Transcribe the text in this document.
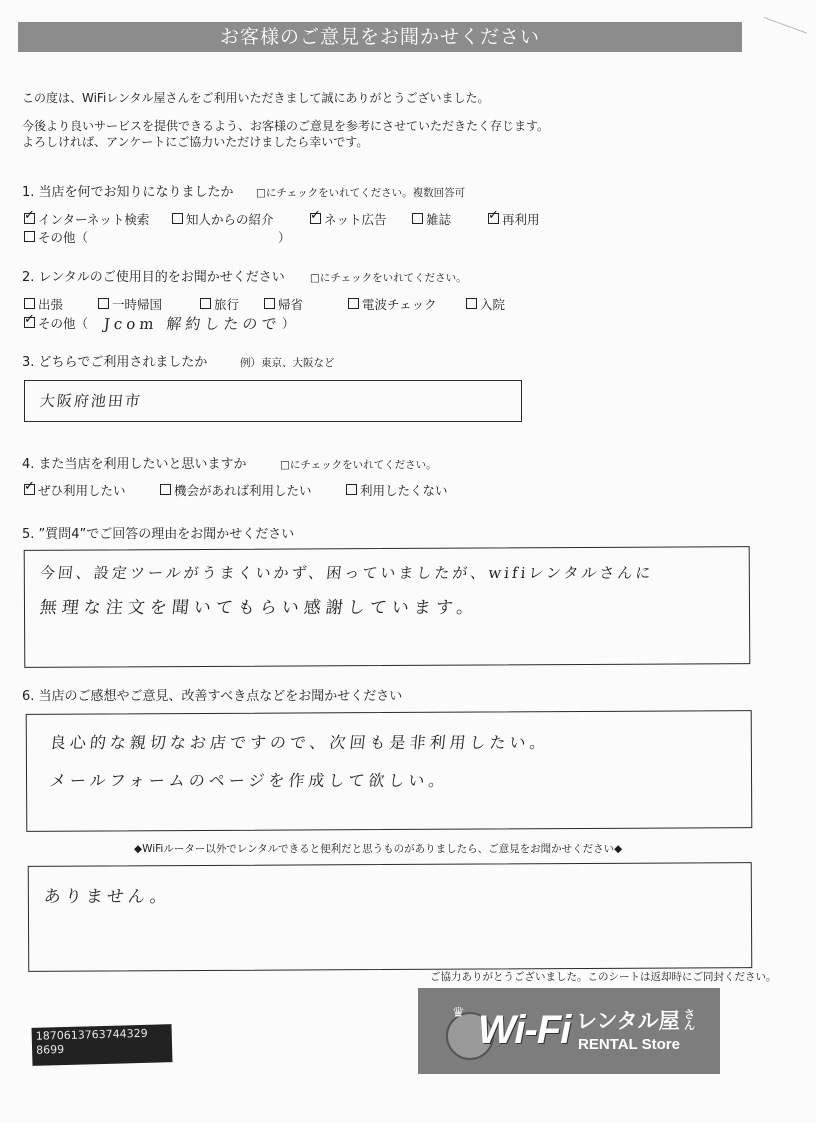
お客様のご意見をお聞かせください
この度は、WiFiレンタル屋さんをご利用いただきまして誠にありがとうございました。
今後より良いサービスを提供できるよう、お客様のご意見を参考にさせていただきたく存じます。
よろしければ、アンケートにご協力いただけましたら幸いです。
1. 当店を何でお知りになりましたか □にチェックをいれてください。複数回答可
✓インターネット検索	知人からの紹介 ✓	ネット広告	雑誌 ✓	再利用
その他（	）
2. レンタルのご使用目的をお聞かせください □にチェックをいれてください。
出張	一時帰国	旅行	帰省	電波チェック	入院
✓その他（ Jcom 解約したので ）
3. どちらでご利用されましたか	例）東京、大阪など
大阪府池田市
4. また当店を利用したいと思いますか	□にチェックをいれてください。
✓ぜひ利用したい	機会があれば利用したい	利用したくない
5. ”質問4”でご回答の理由をお聞かせください
今回、設定ツールがうまくいかず、困っていましたが、wifiレンタルさんに
無理な注文を聞いてもらい感謝しています。
6. 当店のご感想やご意見、改善すべき点などをお聞かせください
良心的な親切なお店ですので、次回も是非利用したい。
メールフォームのページを作成して欲しい。
◆WiFiルーター以外でレンタルできると便利だと思うものがありましたら、ご意見をお聞かせください◆
ありません。
ご協力ありがとうございました。このシートは返却時にご同封ください。
♛ Wi-Fi レンタル屋 さん
RENTAL Store
1870613763744329
8699
